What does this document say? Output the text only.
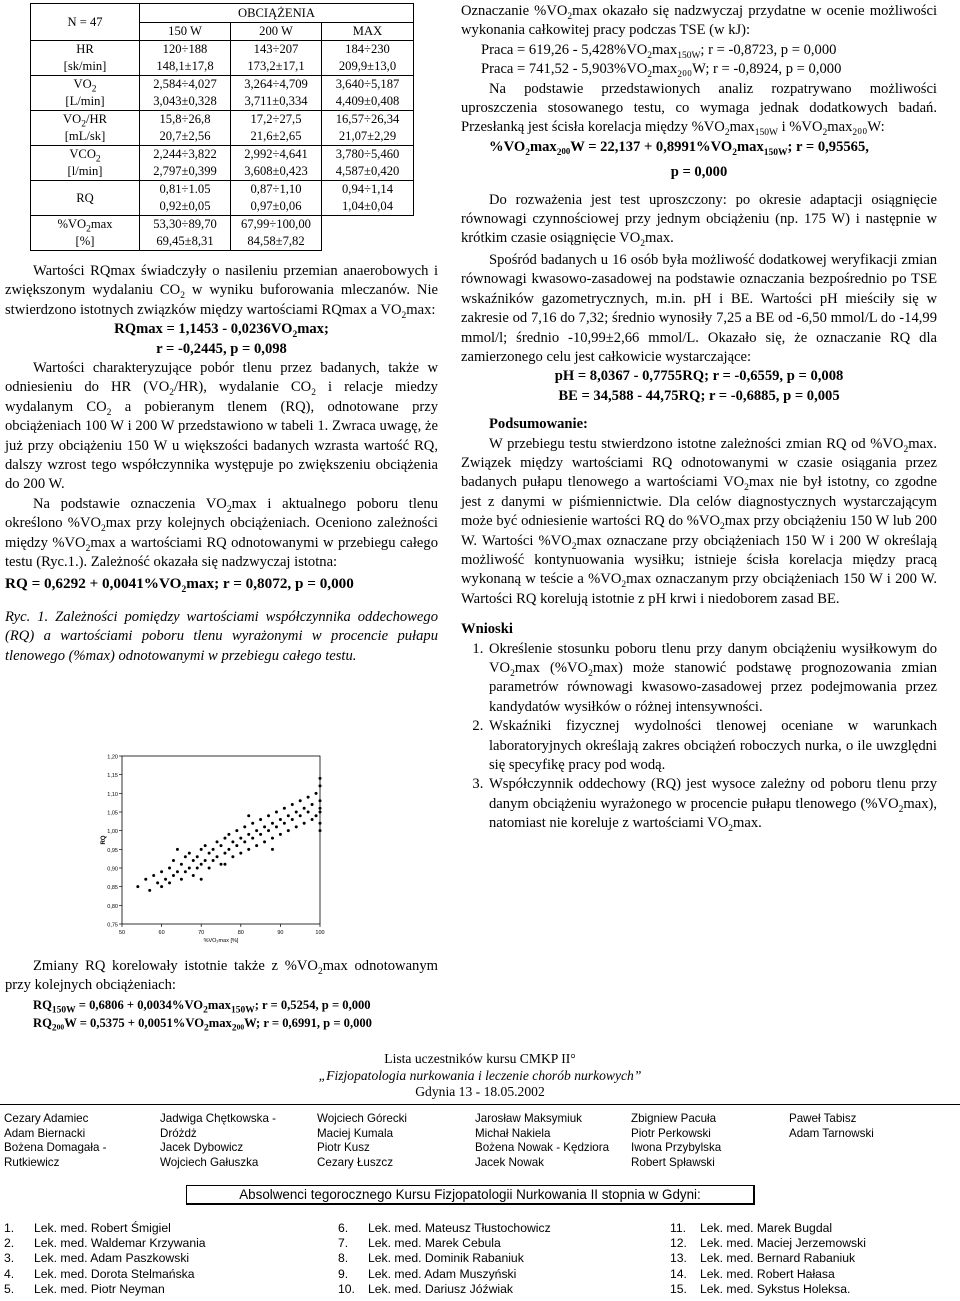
N = 47	OBCIĄŻENIA		
	150 W	200 W	MAX
HR
[sk/min]	120÷188	143÷207	184÷230
	148,1±17,8	173,2±17,1	209,9±13,0
$VO_2$
[L/min]	2,584÷4,027	3,264÷4,709	3,640÷5,187
	3,043±0,328	3,711±0,334	4,409±0,408
$VO_2/HR$
[mL/sk]	15,8÷26,8	17,2÷27,5	16,57÷26,34
	20,7±2,56	21,6±2,65	21,07±2,29
$VCO_2$
[l/min]	2,244÷3,822	2,992÷4,641	3,780÷5,460
	2,797±0,399	3,608±0,423	4,587±0,420
RQ	0,81÷1.05	0,87÷1,10	0,94÷1,14
	0,92±0,05	0,97±0,06	1,04±0,04
$\%VO_2\max$
[%]	53,30÷89,70	67,99÷100,00	
	69,45±8,31	84,58±7,82	

Wartości RQmax świadczyły o nasileniu przemian anaerobowych i zwiększonym wydalaniu $CO_2$ w wyniku buforowania mleczanów. Nie stwierdzono istotnych związków między wartościami RQmax a $VO_2\max$:

$RQmax = 1,1453 - 0,0236VO_2\max$;

r = -0,2445, p = 0,098

Wartości charakteryzujące pobór tlenu przez badanych, także w odniesieniu do HR $(VO_2/HR)$, wydalanie $CO_2$ i relacje miedzy wydalanym $CO_2$ a pobieranym tlenem (RQ), odnotowane przy obciążeniach 100 W i 200 W przedstawiono w tabeli 1. Zwraca uwagę, że już przy obciążeniu 150 W u większości badanych wzrasta wartość RQ, dalszy wzrost tego współczynnika występuje po zwiększeniu obciążenia do 200 W.

Na podstawie oznaczenia $VO_2\max$ i aktualnego poboru tlenu określono $\%VO_2\max$ przy kolejnych obciążeniach. Oceniono zależności między $\%VO_2\max$ a wartościami RQ odnotowanymi w przebiegu całego testu (Ryc.1.). Zależność okazała się nadzwyczaj istotna:

RQ = $0,6292 + 0,0041\%VO_2\max$; r = 0,8072, p = 0,000

Ryc. 1. Zależności pomiędzy wartościami współczynnika oddechowego (RQ) a wartościami poboru tlenu wyrażonymi w procencie pułapu tlenowego (%max) odnotowanymi w przebiegu całego testu.

0,75
0,80
0,85
0,90
0,95
1,00
1,05
1,10
1,15
1,20
50	60	70	80	90	100
%VO₂max [%]
RQ

Zmiany RQ korelowały istotnie także z $\%VO_2\max$ odnotowanym przy kolejnych obciążeniach:

$RQ_{150W} = 0,6806 + 0,0034\%VO_2\max_{150W}$; r = 0,5254, p = 0,000

$RQ_2_{00}W = 0,5375 + 0,0051\%VO_2\max_2_{00}W$; r = 0,6991, p = 0,000

Oznaczanie $\%VO_2\max$ okazało się nadzwyczaj przydatne w ocenie możliwości wykonania całkowitej pracy podczas TSE (w kJ):

Praca = $619,26 - 5,428\%VO_2\max_{150W}$; r = -0,8723, p = 0,000

Praca = $741,52 - 5,903\%VO_2\max_2_{00}W$; r = -0,8924, p = 0,000

Na podstawie przedstawionych analiz rozpatrywano możliwości uproszczenia stosowanego testu, co wymaga jednak dodatkowych badań. Przesłanką jest ścisła korelacja między $\%VO_2\max_{150W}$ i $\%VO_2\max_2_{00}W$:

$\%VO_2\max_2_{00}W = 22,137 + 0,8991\%VO_2\max_{150W}$; r = 0,95565,

p = 0,000

Do rozważenia jest test uproszczony: po okresie adaptacji osiągnięcie równowagi czynnościowej przy jednym obciążeniu (np. 175 W) i następnie w krótkim czasie osiągnięcie $VO_2\max$.

Spośród badanych u 16 osób była możliwość dodatkowej weryfikacji zmian równowagi kwasowo-zasadowej na podstawie oznaczania bezpośrednio po TSE wskaźników gazometrycznych, m.in. pH i BE. Wartości pH mieściły się w zakresie od 7,16 do 7,32; średnio wynosiły 7,25 a BE od -6,50 mmol/L do -14,99 mmol/l; średnio -10,99±2,66 mmol/L. Okazało się, że oznaczanie RQ dla zamierzonego celu jest całkowicie wystarczające:

pH = 8,0367 - 0,7755RQ; r = -0,6559, p = 0,008

BE = 34,588 - 44,75RQ; r = -0,6885, p = 0,005

Podsumowanie:

W przebiegu testu stwierdzono istotne zależności zmian RQ od $\%VO_2\max$. Związek między wartościami RQ odnotowanymi w czasie osiągania przez badanych pułapu tlenowego a wartościami $VO_2\max$ nie był istotny, co zgodne jest z danymi w piśmiennictwie. Dla celów diagnostycznych wystarczającym może być odniesienie wartości RQ do $\%VO_2\max$ przy obciążeniu 150 W lub 200 W. Wartości $\%VO_2\max$ oznaczane przy obciążeniach 150 W i 200 W określają możliwość kontynuowania wysiłku; istnieje ścisła korelacja między pracą wykonaną w teście a $\%VO_2\max$ oznaczanym przy obciążeniach 150 W i 200 W. Wartości RQ korelują istotnie z pH krwi i niedoborem zasad BE.

Wnioski

1. Określenie stosunku poboru tlenu przy danym obciążeniu wysiłkowym do $VO_2\max$ $(\%VO_2\max)$ może stanowić podstawę prognozowania zmian parametrów równowagi kwasowo-zasadowej przez podejmowania przez kandydatów wysiłków o różnej intensywności.
2. Wskaźniki fizycznej wydolności tlenowej oceniane w warunkach laboratoryjnych określają zakres obciążeń roboczych nurka, o ile uwzględni się specyfikę pracy pod wodą.
3. Współczynnik oddechowy (RQ) jest wysoce zależny od poboru tlenu przy danym obciążeniu wyrażonego w procencie pułapu tlenowego $(\%VO_2\max)$, natomiast nie koreluje z wartościami $VO_2\max$.
Lista uczestników kursu CMKP II°
„Fizjopatologia nurkowania i leczenie chorób nurkowych”
Gdynia 13 - 18.05.2002
Cezary Adamiec
Adam Biernacki
Bożena Domagała -
Rutkiewicz
Jadwiga Chętkowska -
Dróżdż
Jacek Dybowicz
Wojciech Gałuszka
Wojciech Górecki
Maciej Kumala
Piotr Kusz
Cezary Łuszcz
Jarosław Maksymiuk
Michał Nakiela
Bożena Nowak - Kędziora
Jacek Nowak
Zbigniew Pacuła
Piotr Perkowski
Iwona Przybylska
Robert Spławski
Paweł Tabisz
Adam Tarnowski
Absolwenci tegorocznego Kursu Fizjopatologii Nurkowania II stopnia w Gdyni:
1. Lek. med. Robert Śmigiel
2. Lek. med. Waldemar Krzywania
3. Lek. med. Adam Paszkowski
4. Lek. med. Dorota Stelmańska
5. Lek. med. Piotr Neyman
6. Lek. med. Mateusz Tłustochowicz
7. Lek. med. Marek Cebula
8. Lek. med. Dominik Rabaniuk
9. Lek. med. Adam Muszyński
10. Lek. med. Dariusz Jóźwiak
11. Lek. med. Marek Bugdal
12. Lek. med. Maciej Jerzemowski
13. Lek. med. Bernard Rabaniuk
14. Lek. med. Robert Hałasa
15. Lek. med. Sykstus Holeksa.
